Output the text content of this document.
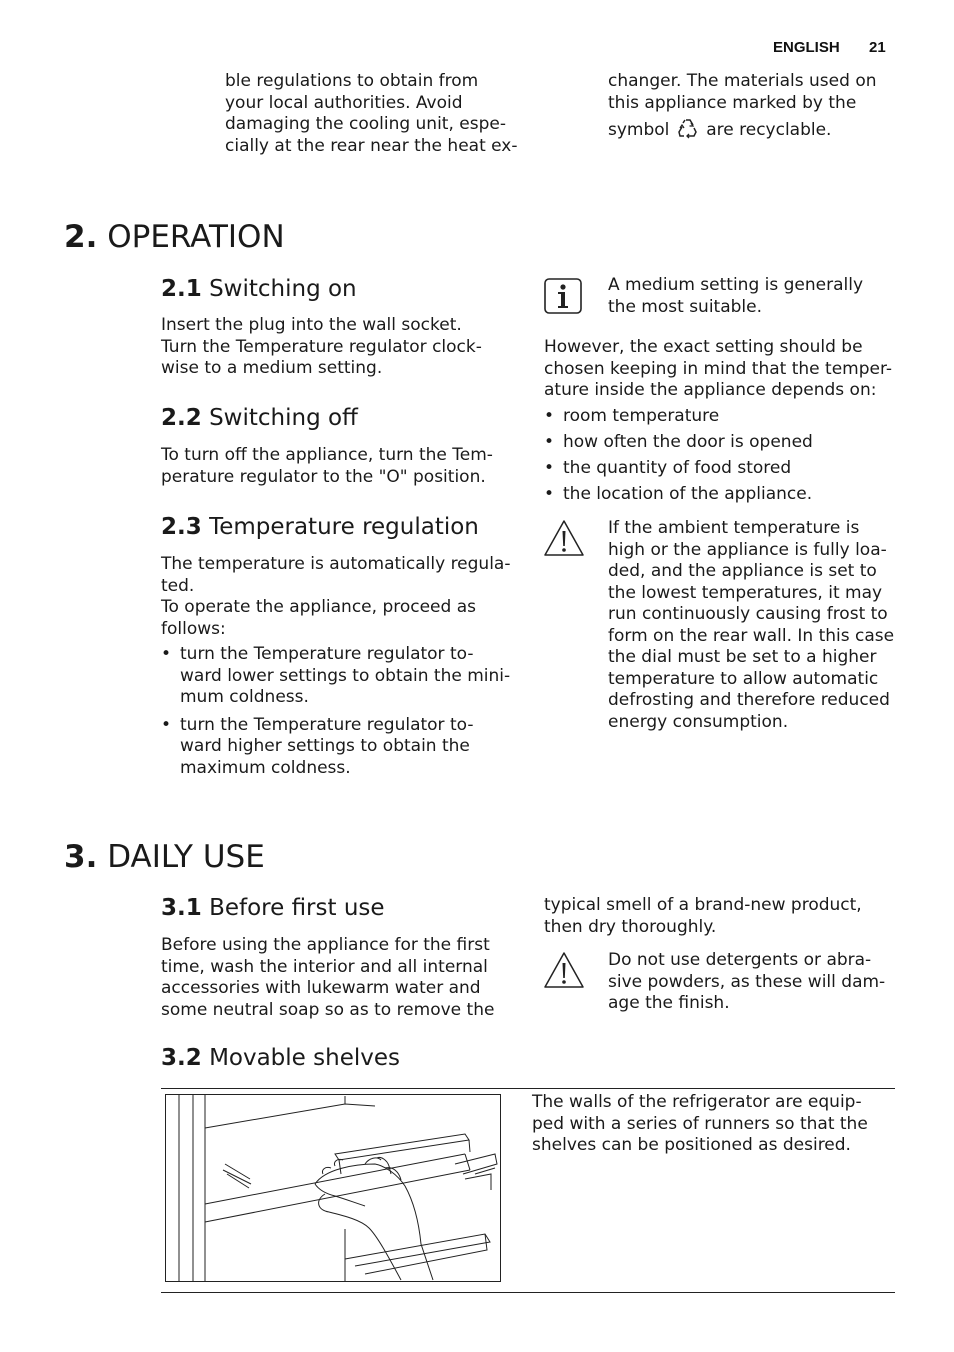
ENGLISH 21

ble regulations to obtain from
your local authorities. Avoid
damaging the cooling unit, espe-
cially at the rear near the heat ex-

changer. The materials used on
this appliance marked by the

symbol are recyclable.

2. OPERATION
2.1 Switching on

Insert the plug into the wall socket.
Turn the Temperature regulator clock-
wise to a medium setting.

2.2 Switching off

To turn off the appliance, turn the Tem-
perature regulator to the "O" position.

2.3 Temperature regulation

The temperature is automatically regula-
ted.
To operate the appliance, proceed as
follows:

• turn the Temperature regulator to-
ward lower settings to obtain the mini-
mum coldness.
• turn the Temperature regulator to-
ward higher settings to obtain the
maximum coldness.

A medium setting is generally
the most suitable.

However, the exact setting should be
chosen keeping in mind that the temper-
ature inside the appliance depends on:

• room temperature
• how often the door is opened
• the quantity of food stored
• the location of the appliance.

If the ambient temperature is
high or the appliance is fully loa-
ded, and the appliance is set to
the lowest temperatures, it may
run continuously causing frost to
form on the rear wall. In this case
the dial must be set to a higher
temperature to allow automatic
defrosting and therefore reduced
energy consumption.

3. DAILY USE
3.1 Before first use

Before using the appliance for the first
time, wash the interior and all internal
accessories with lukewarm water and
some neutral soap so as to remove the

typical smell of a brand-new product,
then dry thoroughly.

Do not use detergents or abra-
sive powders, as these will dam-
age the finish.

3.2 Movable shelves

The walls of the refrigerator are equip-
ped with a series of runners so that the
shelves can be positioned as desired.
